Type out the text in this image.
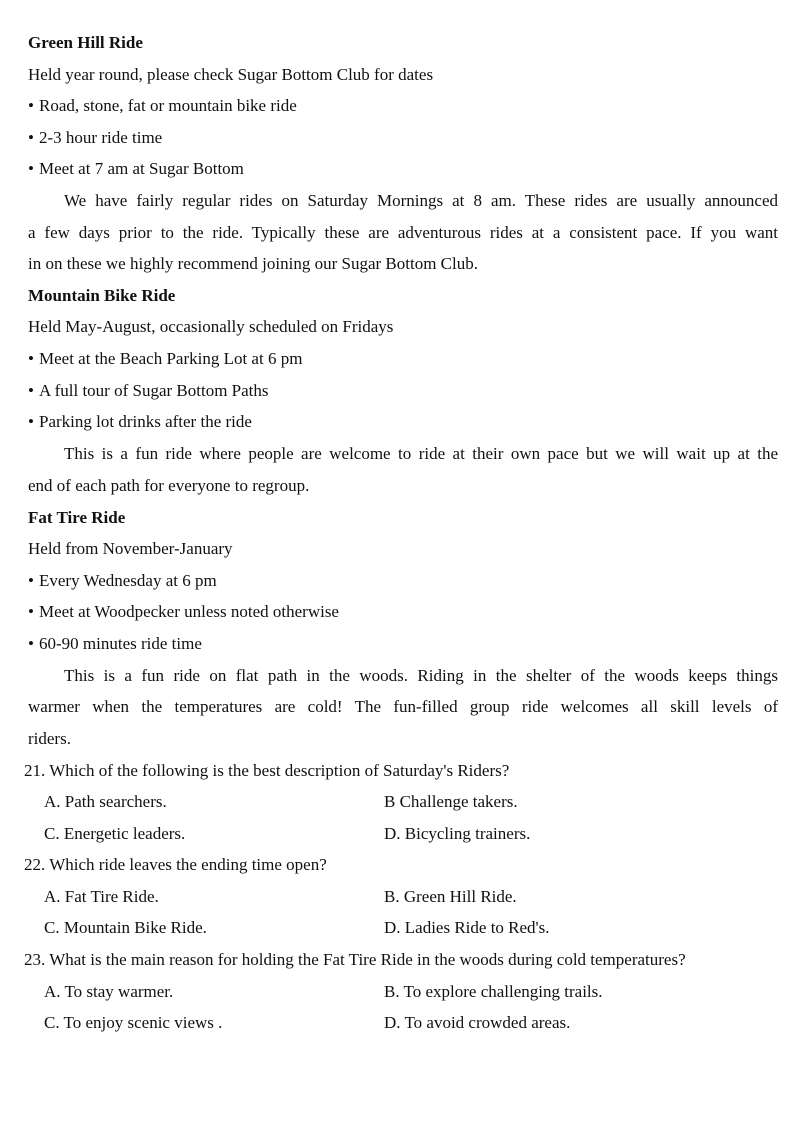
Green Hill Ride
Held year round, please check Sugar Bottom Club for dates
• Road, stone, fat or mountain bike ride
• 2-3 hour ride time
• Meet at 7 am at Sugar Bottom
We have fairly regular rides on Saturday Mornings at 8 am. These rides are usually announced
a few days prior to the ride. Typically these are adventurous rides at a consistent pace. If you want
in on these we highly recommend joining our Sugar Bottom Club.
Mountain Bike Ride
Held May-August, occasionally scheduled on Fridays
• Meet at the Beach Parking Lot at 6 pm
• A full tour of Sugar Bottom Paths
• Parking lot drinks after the ride
This is a fun ride where people are welcome to ride at their own pace but we will wait up at the
end of each path for everyone to regroup.
Fat Tire Ride
Held from November-January
• Every Wednesday at 6 pm
• Meet at Woodpecker unless noted otherwise
• 60-90 minutes ride time
This is a fun ride on flat path in the woods. Riding in the shelter of the woods keeps things
warmer when the temperatures are cold! The fun-filled group ride welcomes all skill levels of
riders.
21. Which of the following is the best description of Saturday's Riders?
A. Path searchers.	B Challenge takers.
C. Energetic leaders.	D. Bicycling trainers.
22. Which ride leaves the ending time open?
A. Fat Tire Ride.	B. Green Hill Ride.
C. Mountain Bike Ride.	D. Ladies Ride to Red's.
23. What is the main reason for holding the Fat Tire Ride in the woods during cold temperatures?
A. To stay warmer.	B. To explore challenging trails.
C. To enjoy scenic views .	D. To avoid crowded areas.
